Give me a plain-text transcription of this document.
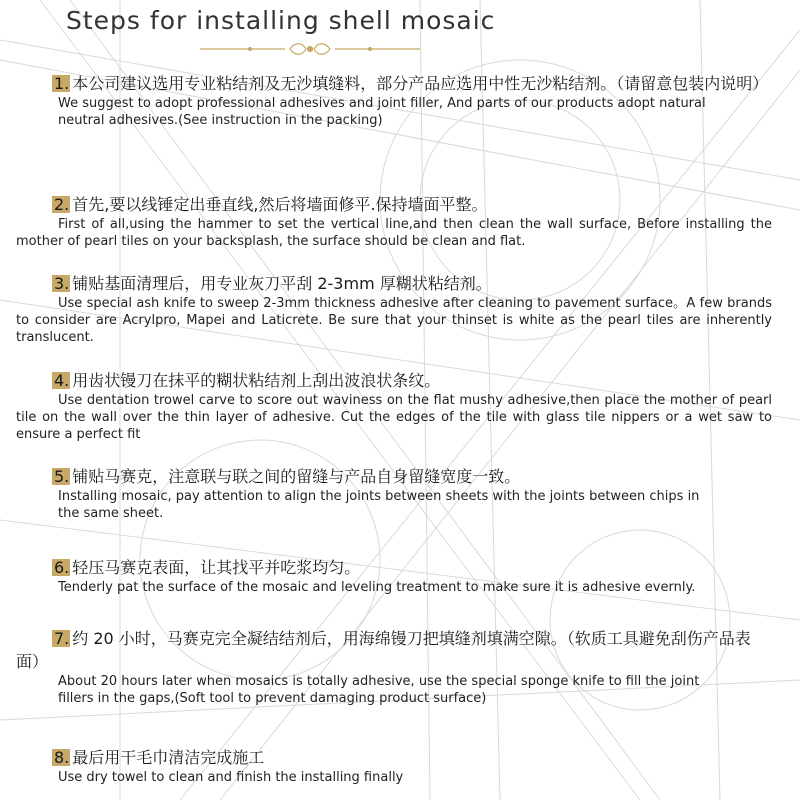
Steps for installing shell mosaic

1. 本公司建议选用专业粘结剂及无沙填缝料，部分产品应选用中性无沙粘结剂。（请留意包装内说明）

We suggest to adopt professional adhesives and joint filler, And parts of our products adopt natural

neutral adhesives.(See instruction in the packing)

2. 首先,要以线锤定出垂直线,然后将墙面修平.保持墙面平整。

First of all,using the hammer to set the vertical line,and then clean the wall surface, Before installing the mother of pearl tiles on your backsplash, the surface should be clean and flat.

3. 铺贴基面清理后，用专业灰刀平刮 2-3mm 厚糊状粘结剂。

Use special ash knife to sweep 2-3mm thickness adhesive after cleaning to pavement surface。A few brands to consider are Acrylpro, Mapei and Laticrete. Be sure that your thinset is white as the pearl tiles are inherently translucent.

4. 用齿状镘刀在抹平的糊状粘结剂上刮出波浪状条纹。

Use dentation trowel carve to score out waviness on the flat mushy adhesive,then place the mother of pearl tile on the wall over the thin layer of adhesive. Cut the edges of the tile with glass tile nippers or a wet saw to ensure a perfect fit

5. 铺贴马赛克，注意联与联之间的留缝与产品自身留缝宽度一致。

Installing mosaic, pay attention to align the joints between sheets with the joints between chips in

the same sheet.

6. 轻压马赛克表面，让其找平并吃浆均匀。

Tenderly pat the surface of the mosaic and leveling treatment to make sure it is adhesive evernly.

7. 约 20 小时，马赛克完全凝结结剂后，用海绵镘刀把填缝剂填满空隙。（软质工具避免刮伤产品表面）

About 20 hours later when mosaics is totally adhesive, use the special sponge knife to fill the joint

fillers in the gaps,(Soft tool to prevent damaging product surface)

8. 最后用干毛巾清洁完成施工

Use dry towel to clean and finish the installing finally
